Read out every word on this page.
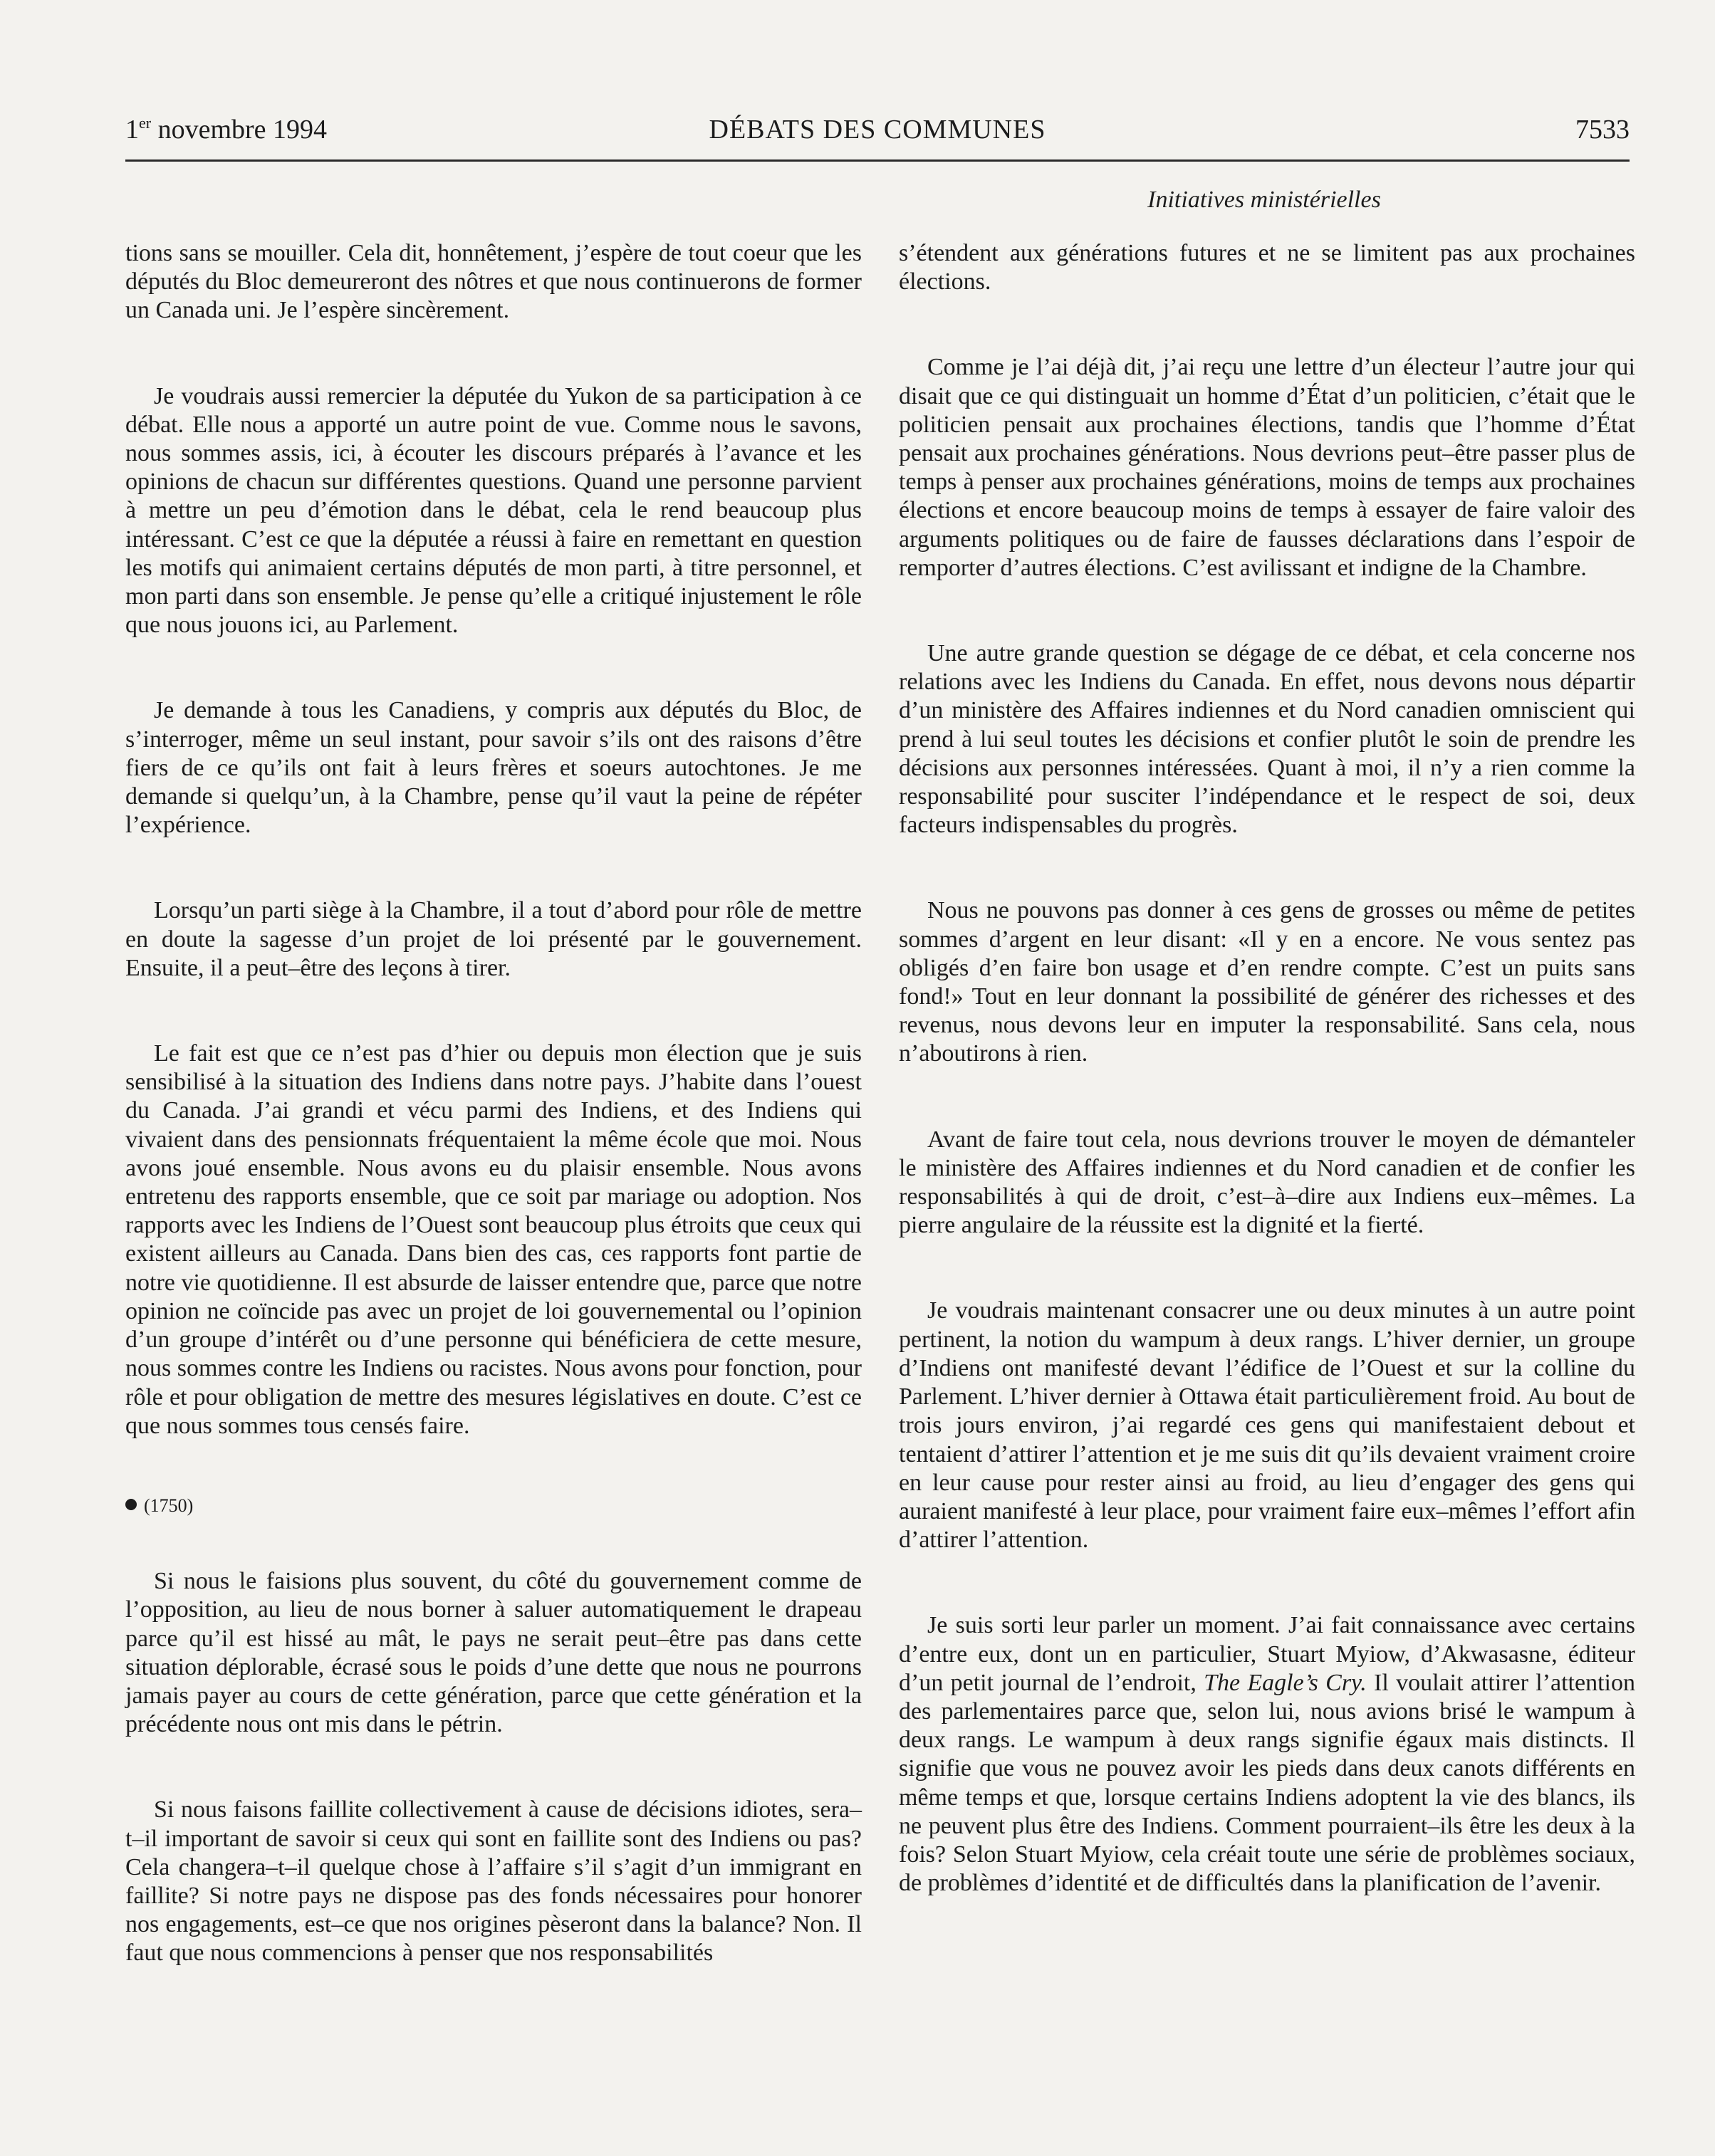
1er novembre 1994	DÉBATS DES COMMUNES	7533
Initiatives ministérielles

tions sans se mouiller. Cela dit, honnêtement, j’espère de tout coeur que les députés du Bloc demeureront des nôtres et que nous continuerons de former un Canada uni. Je l’espère sincèrement.

Je voudrais aussi remercier la députée du Yukon de sa participation à ce débat. Elle nous a apporté un autre point de vue. Comme nous le savons, nous sommes assis, ici, à écouter les discours préparés à l’avance et les opinions de chacun sur différentes questions. Quand une personne parvient à mettre un peu d’émotion dans le débat, cela le rend beaucoup plus intéressant. C’est ce que la députée a réussi à faire en remettant en question les motifs qui animaient certains députés de mon parti, à titre personnel, et mon parti dans son ensemble. Je pense qu’elle a critiqué injustement le rôle que nous jouons ici, au Parlement.

Je demande à tous les Canadiens, y compris aux députés du Bloc, de s’interroger, même un seul instant, pour savoir s’ils ont des raisons d’être fiers de ce qu’ils ont fait à leurs frères et soeurs autochtones. Je me demande si quelqu’un, à la Chambre, pense qu’il vaut la peine de répéter l’expérience.

Lorsqu’un parti siège à la Chambre, il a tout d’abord pour rôle de mettre en doute la sagesse d’un projet de loi présenté par le gouvernement. Ensuite, il a peut–être des leçons à tirer.

Le fait est que ce n’est pas d’hier ou depuis mon élection que je suis sensibilisé à la situation des Indiens dans notre pays. J’habite dans l’ouest du Canada. J’ai grandi et vécu parmi des Indiens, et des Indiens qui vivaient dans des pensionnats fréquentaient la même école que moi. Nous avons joué ensemble. Nous avons eu du plaisir ensemble. Nous avons entretenu des rapports ensemble, que ce soit par mariage ou adoption. Nos rapports avec les Indiens de l’Ouest sont beaucoup plus étroits que ceux qui existent ailleurs au Canada. Dans bien des cas, ces rapports font partie de notre vie quotidienne. Il est absurde de laisser entendre que, parce que notre opinion ne coïncide pas avec un projet de loi gouvernemental ou l’opinion d’un groupe d’intérêt ou d’une personne qui bénéficiera de cette mesure, nous sommes contre les Indiens ou racistes. Nous avons pour fonction, pour rôle et pour obligation de mettre des mesures législatives en doute. C’est ce que nous sommes tous censés faire.

(1750)

Si nous le faisions plus souvent, du côté du gouvernement comme de l’opposition, au lieu de nous borner à saluer automatiquement le drapeau parce qu’il est hissé au mât, le pays ne serait peut–être pas dans cette situation déplorable, écrasé sous le poids d’une dette que nous ne pourrons jamais payer au cours de cette génération, parce que cette génération et la précédente nous ont mis dans le pétrin.

Si nous faisons faillite collectivement à cause de décisions idiotes, sera–t–il important de savoir si ceux qui sont en faillite sont des Indiens ou pas? Cela changera–t–il quelque chose à l’affaire s’il s’agit d’un immigrant en faillite? Si notre pays ne dispose pas des fonds nécessaires pour honorer nos engagements, est–ce que nos origines pèseront dans la balance? Non. Il faut que nous commencions à penser que nos responsabilités

s’étendent aux générations futures et ne se limitent pas aux prochaines élections.

Comme je l’ai déjà dit, j’ai reçu une lettre d’un électeur l’autre jour qui disait que ce qui distinguait un homme d’État d’un politicien, c’était que le politicien pensait aux prochaines élections, tandis que l’homme d’État pensait aux prochaines générations. Nous devrions peut–être passer plus de temps à penser aux prochaines générations, moins de temps aux prochaines élections et encore beaucoup moins de temps à essayer de faire valoir des arguments politiques ou de faire de fausses déclarations dans l’espoir de remporter d’autres élections. C’est avilissant et indigne de la Chambre.

Une autre grande question se dégage de ce débat, et cela concerne nos relations avec les Indiens du Canada. En effet, nous devons nous départir d’un ministère des Affaires indiennes et du Nord canadien omniscient qui prend à lui seul toutes les décisions et confier plutôt le soin de prendre les décisions aux personnes intéressées. Quant à moi, il n’y a rien comme la responsabilité pour susciter l’indépendance et le respect de soi, deux facteurs indispensables du progrès.

Nous ne pouvons pas donner à ces gens de grosses ou même de petites sommes d’argent en leur disant: «Il y en a encore. Ne vous sentez pas obligés d’en faire bon usage et d’en rendre compte. C’est un puits sans fond!» Tout en leur donnant la possibilité de générer des richesses et des revenus, nous devons leur en imputer la responsabilité. Sans cela, nous n’aboutirons à rien.

Avant de faire tout cela, nous devrions trouver le moyen de démanteler le ministère des Affaires indiennes et du Nord canadien et de confier les responsabilités à qui de droit, c’est–à–dire aux Indiens eux–mêmes. La pierre angulaire de la réussite est la dignité et la fierté.

Je voudrais maintenant consacrer une ou deux minutes à un autre point pertinent, la notion du wampum à deux rangs. L’hiver dernier, un groupe d’Indiens ont manifesté devant l’édifice de l’Ouest et sur la colline du Parlement. L’hiver dernier à Ottawa était particulièrement froid. Au bout de trois jours environ, j’ai regardé ces gens qui manifestaient debout et tentaient d’attirer l’attention et je me suis dit qu’ils devaient vraiment croire en leur cause pour rester ainsi au froid, au lieu d’engager des gens qui auraient manifesté à leur place, pour vraiment faire eux–mêmes l’effort afin d’attirer l’attention.

Je suis sorti leur parler un moment. J’ai fait connaissance avec certains d’entre eux, dont un en particulier, Stuart Myiow, d’Akwasasne, éditeur d’un petit journal de l’endroit, The Eagle’s Cry. Il voulait attirer l’attention des parlementaires parce que, selon lui, nous avions brisé le wampum à deux rangs. Le wampum à deux rangs signifie égaux mais distincts. Il signifie que vous ne pouvez avoir les pieds dans deux canots différents en même temps et que, lorsque certains Indiens adoptent la vie des blancs, ils ne peuvent plus être des Indiens. Comment pourraient–ils être les deux à la fois? Selon Stuart Myiow, cela créait toute une série de problèmes sociaux, de problèmes d’identité et de difficultés dans la planification de l’avenir.
